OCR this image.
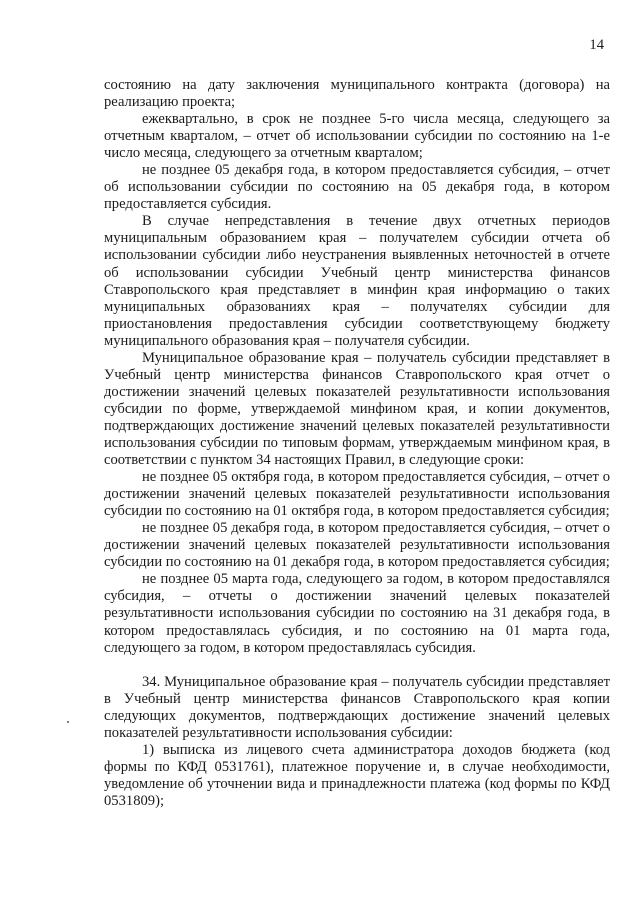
14

состоянию на дату заключения муниципального контракта (договора) на реализацию проекта;

ежеквартально, в срок не позднее 5-го числа месяца, следующего за отчетным кварталом, – отчет об использовании субсидии по состоянию на 1-е число месяца, следующего за отчетным кварталом;

не позднее 05 декабря года, в котором предоставляется субсидия, – отчет об использовании субсидии по состоянию на 05 декабря года, в котором предоставляется субсидия.

В случае непредставления в течение двух отчетных периодов муниципальным образованием края – получателем субсидии отчета об использовании субсидии либо неустранения выявленных неточностей в отчете об использовании субсидии Учебный центр министерства финансов Ставропольского края представляет в минфин края информацию о таких муниципальных образованиях края – получателях субсидии для приостановления предоставления субсидии соответствующему бюджету муниципального образования края – получателя субсидии.

Муниципальное образование края – получатель субсидии представляет в Учебный центр министерства финансов Ставропольского края отчет о достижении значений целевых показателей результативности использования субсидии по форме, утверждаемой минфином края, и копии документов, подтверждающих достижение значений целевых показателей результативности использования субсидии по типовым формам, утверждаемым минфином края, в соответствии с пунктом 34 настоящих Правил, в следующие сроки:

не позднее 05 октября года, в котором предоставляется субсидия, – отчет о достижении значений целевых показателей результативности использования субсидии по состоянию на 01 октября года, в котором предоставляется субсидия;

не позднее 05 декабря года, в котором предоставляется субсидия, – отчет о достижении значений целевых показателей результативности использования субсидии по состоянию на 01 декабря года, в котором предоставляется субсидия;

не позднее 05 марта года, следующего за годом, в котором предоставлялся субсидия, – отчеты о достижении значений целевых показателей результативности использования субсидии по состоянию на 31 декабря года, в котором предоставлялась субсидия, и по состоянию на 01 марта года, следующего за годом, в котором предоставлялась субсидия.

34. Муниципальное образование края – получатель субсидии представляет в Учебный центр министерства финансов Ставропольского края копии следующих документов, подтверждающих достижение значений целевых показателей результативности использования субсидии:

1) выписка из лицевого счета администратора доходов бюджета (код формы по КФД 0531761), платежное поручение и, в случае необходимости, уведомление об уточнении вида и принадлежности платежа (код формы по КФД 0531809);
